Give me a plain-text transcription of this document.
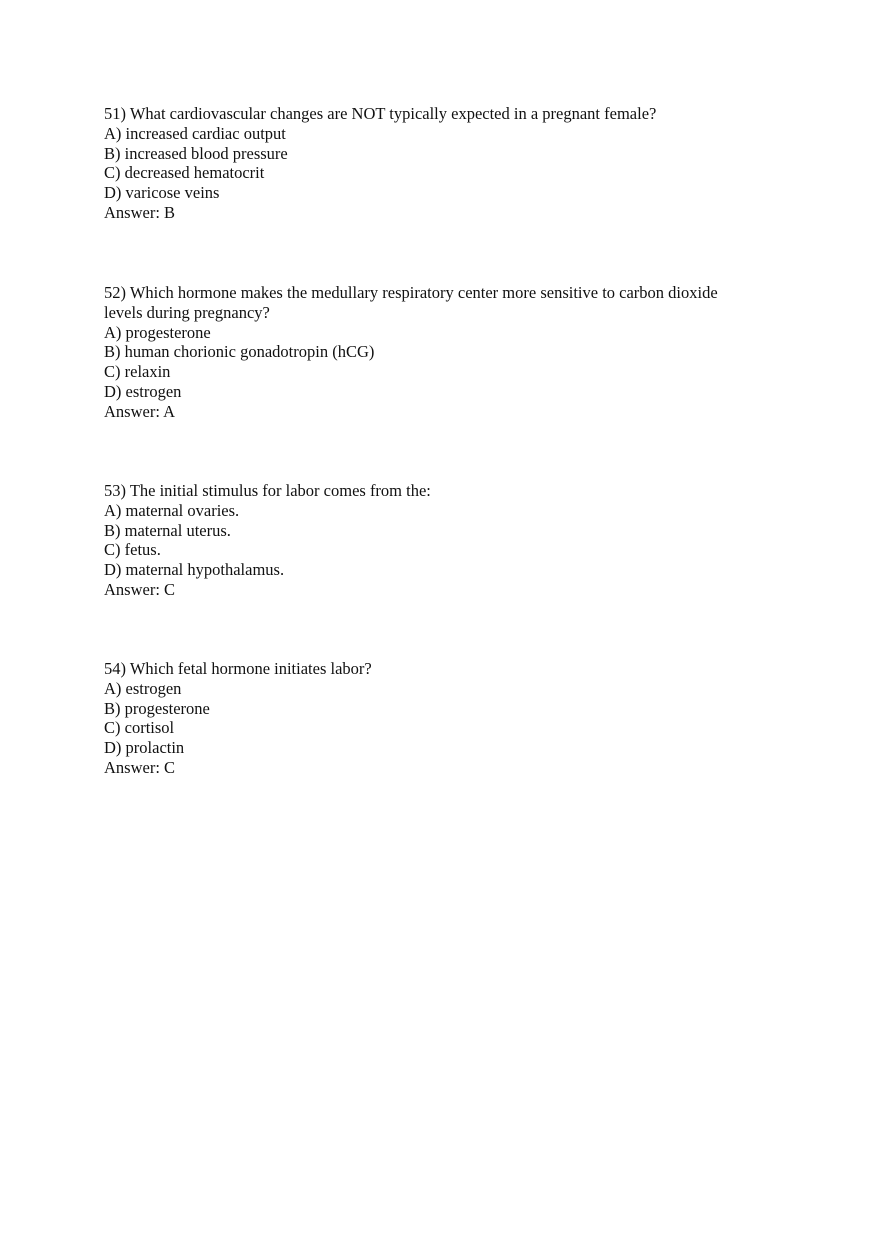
51) What cardiovascular changes are NOT typically expected in a pregnant female?
A) increased cardiac output
B) increased blood pressure
C) decreased hematocrit
D) varicose veins
Answer: B
52) Which hormone makes the medullary respiratory center more sensitive to carbon dioxide
levels during pregnancy?
A) progesterone
B) human chorionic gonadotropin (hCG)
C) relaxin
D) estrogen
Answer: A
53) The initial stimulus for labor comes from the:
A) maternal ovaries.
B) maternal uterus.
C) fetus.
D) maternal hypothalamus.
Answer: C
54) Which fetal hormone initiates labor?
A) estrogen
B) progesterone
C) cortisol
D) prolactin
Answer: C
